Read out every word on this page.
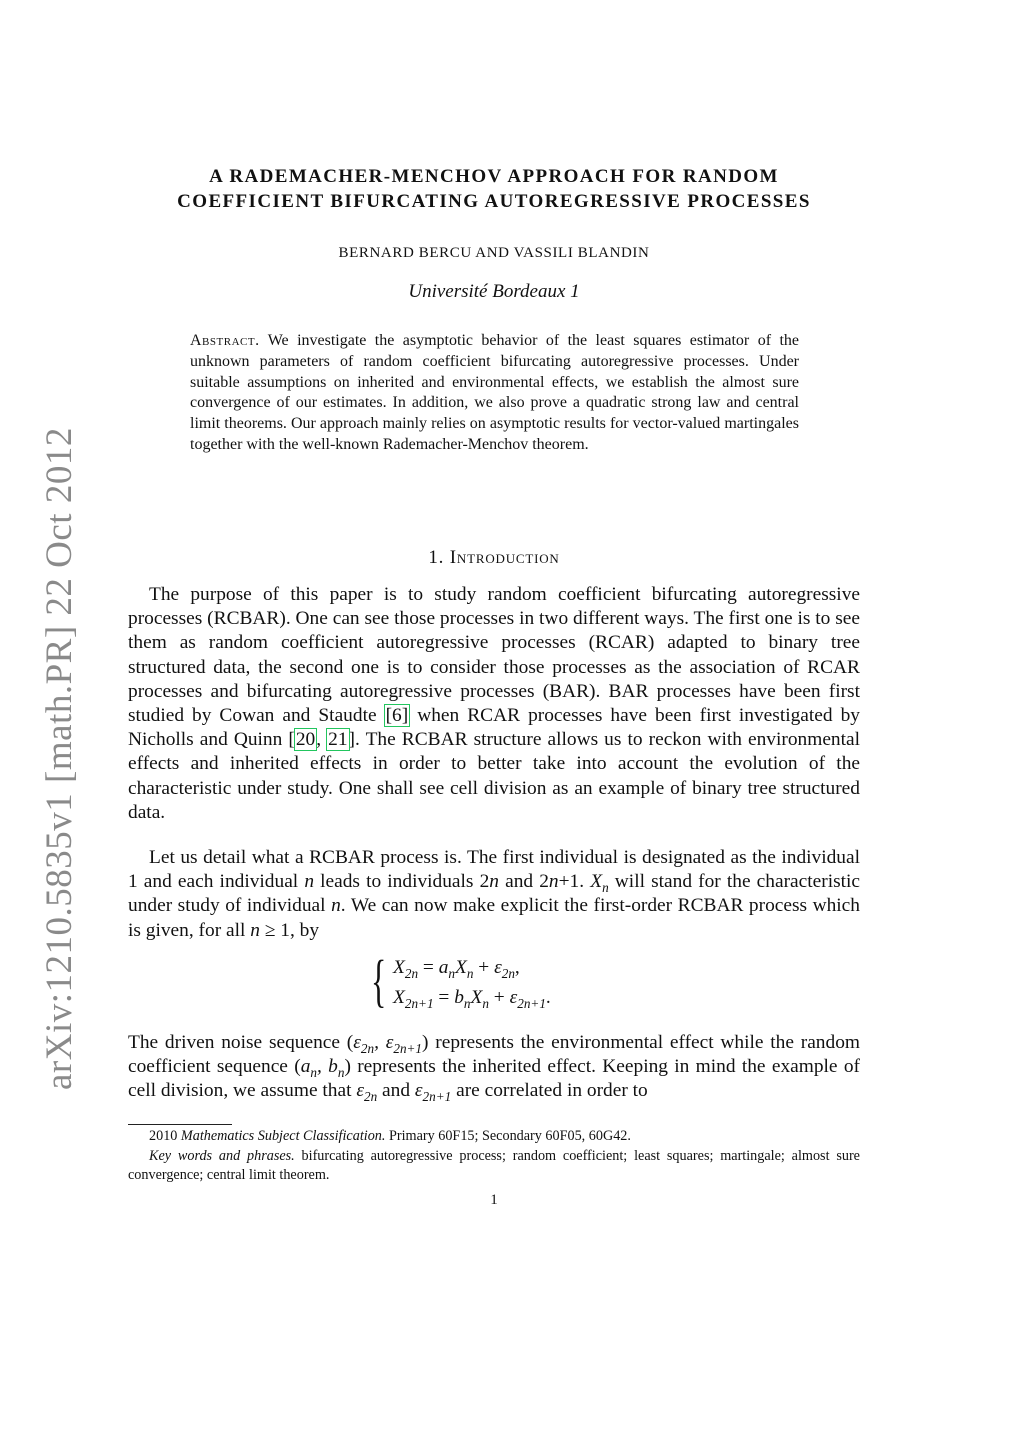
arXiv:1210.5835v1 [math.PR] 22 Oct 2012
A RADEMACHER-MENCHOV APPROACH FOR RANDOM
COEFFICIENT BIFURCATING AUTOREGRESSIVE PROCESSES
BERNARD BERCU AND VASSILI BLANDIN
Université Bordeaux 1
Abstract. We investigate the asymptotic behavior of the least squares estimator of the unknown parameters of random coefficient bifurcating autoregressive processes. Under suitable assumptions on inherited and environmental effects, we establish the almost sure convergence of our estimates. In addition, we also prove a quadratic strong law and central limit theorems. Our approach mainly relies on asymptotic results for vector-valued martingales together with the well-known Rademacher-Menchov theorem.
1. Introduction

The purpose of this paper is to study random coefficient bifurcating autoregressive processes (RCBAR). One can see those processes in two different ways. The first one is to see them as random coefficient autoregressive processes (RCAR) adapted to binary tree structured data, the second one is to consider those processes as the association of RCAR processes and bifurcating autoregressive processes (BAR). BAR processes have been first studied by Cowan and Staudte [6] when RCAR processes have been first investigated by Nicholls and Quinn [20, 21]. The RCBAR structure allows us to reckon with environmental effects and inherited effects in order to better take into account the evolution of the characteristic under study. One shall see cell division as an example of binary tree structured data.

Let us detail what a RCBAR process is. The first individual is designated as the individual 1 and each individual n leads to individuals 2n and 2n+1. $X_n$ will stand for the characteristic under study of individual n. We can now make explicit the first-order RCBAR process which is given, for all n ≥ 1, by

{ $X_{2n} = a_nX_n + \varepsilon_{2n}$,
$X_{2n+1} = b_nX_n + \varepsilon_{2n+1}$.

The driven noise sequence ($\varepsilon_{2n}$, $\varepsilon_{2n+1}$) represents the environmental effect while the random coefficient sequence ($a_n$, $b_n$) represents the inherited effect. Keeping in mind the example of cell division, we assume that $\varepsilon_{2n}$ and $\varepsilon_{2n+1}$ are correlated in order to

2010 Mathematics Subject Classification. Primary 60F15; Secondary 60F05, 60G42.

Key words and phrases. bifurcating autoregressive process; random coefficient; least squares; martingale; almost sure convergence; central limit theorem.

1
